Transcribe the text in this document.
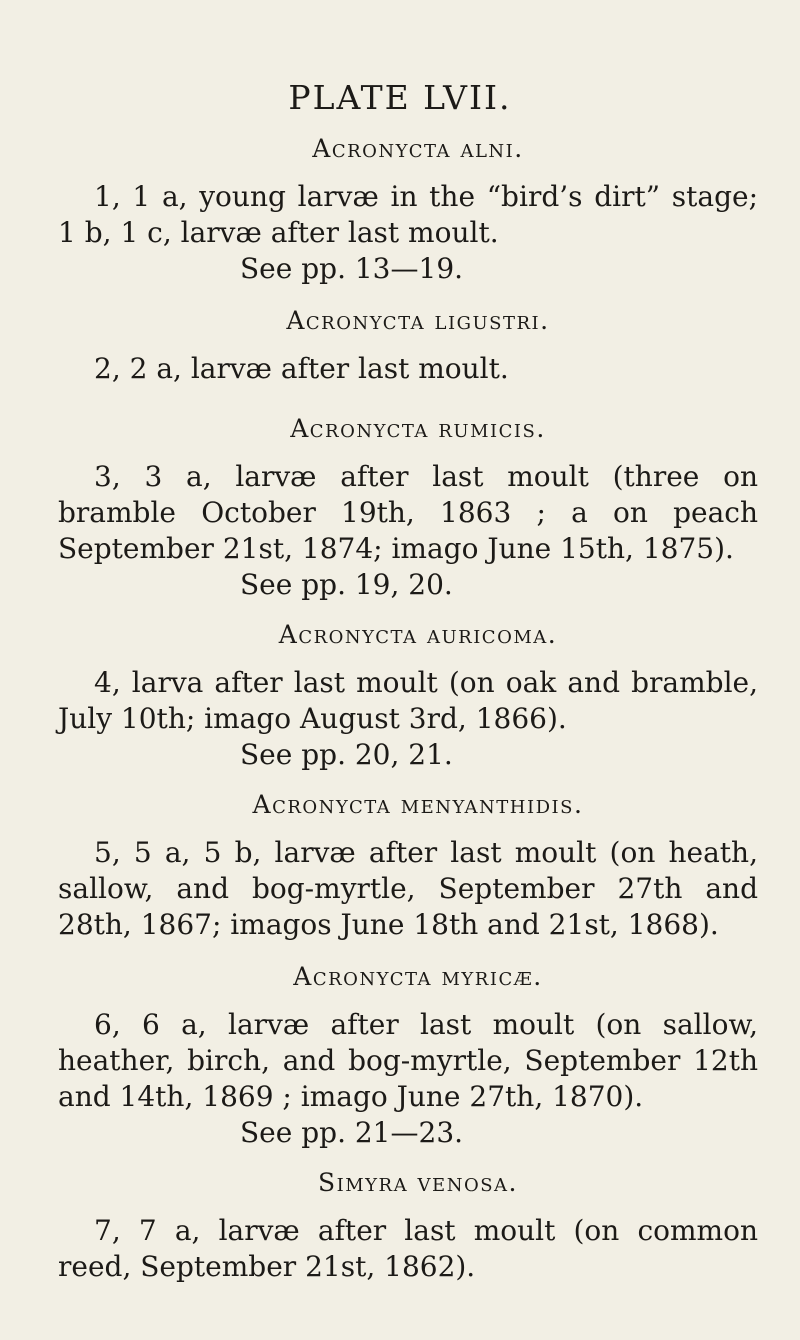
PLATE LVII.
Acronycta alni.

1, 1 a, young larvæ in the “bird’s dirt” stage; 1 b, 1 c, larvæ after last moult.

See pp. 13—19.

Acronycta ligustri.

2, 2 a, larvæ after last moult.

Acronycta rumicis.

3, 3 a, larvæ after last moult (three on bramble October 19th, 1863 ; a on peach September 21st, 1874; imago June 15th, 1875).

See pp. 19, 20.

Acronycta auricoma.

4, larva after last moult (on oak and bramble, July 10th; imago August 3rd, 1866).

See pp. 20, 21.

Acronycta menyanthidis.

5, 5 a, 5 b, larvæ after last moult (on heath, sallow, and bog-myrtle, September 27th and 28th, 1867; imagos June 18th and 21st, 1868).

Acronycta myricæ.

6, 6 a, larvæ after last moult (on sallow, heather, birch, and bog-myrtle, September 12th and 14th, 1869 ; imago June 27th, 1870).

See pp. 21—23.

Simyra venosa.

7, 7 a, larvæ after last moult (on common reed, September 21st, 1862).
